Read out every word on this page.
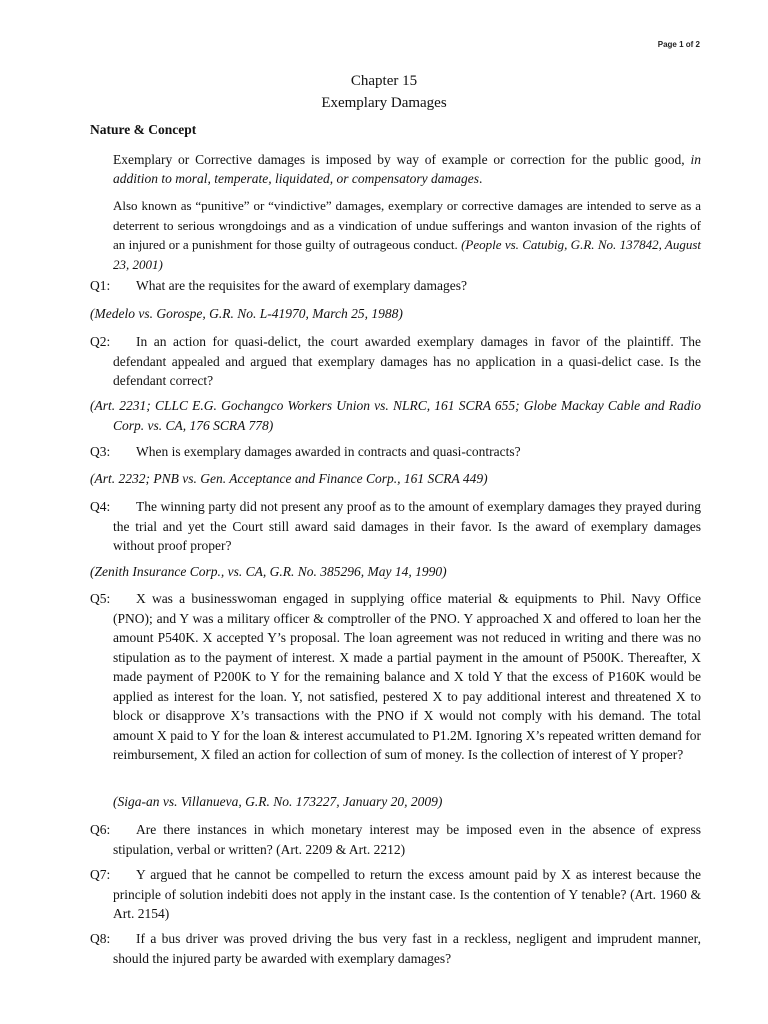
Page 1 of 2
Chapter 15
Exemplary Damages
Nature & Concept
Exemplary or Corrective damages is imposed by way of example or correction for the public good, in addition to moral, temperate, liquidated, or compensatory damages.
Also known as “punitive” or “vindictive” damages, exemplary or corrective damages are intended to serve as a deterrent to serious wrongdoings and as a vindication of undue sufferings and wanton invasion of the rights of an injured or a punishment for those guilty of outrageous conduct. (People vs. Catubig, G.R. No. 137842, August 23, 2001)
Q1:	What are the requisites for the award of exemplary damages?
(Medelo vs. Gorospe, G.R. No. L-41970, March 25, 1988)
Q2:	In an action for quasi-delict, the court awarded exemplary damages in favor of the plaintiff. The defendant appealed and argued that exemplary damages has no application in a quasi-delict case. Is the defendant correct?
(Art. 2231; CLLC E.G. Gochangco Workers Union vs. NLRC, 161 SCRA 655; Globe Mackay Cable and Radio Corp. vs. CA, 176 SCRA 778)
Q3:	When is exemplary damages awarded in contracts and quasi-contracts?
(Art. 2232; PNB vs. Gen. Acceptance and Finance Corp., 161 SCRA 449)
Q4:	The winning party did not present any proof as to the amount of exemplary damages they prayed during the trial and yet the Court still award said damages in their favor. Is the award of exemplary damages without proof proper?
(Zenith Insurance Corp., vs. CA, G.R. No. 385296, May 14, 1990)
Q5:	X was a businesswoman engaged in supplying office material & equipments to Phil. Navy Office (PNO); and Y was a military officer & comptroller of the PNO. Y approached X and offered to loan her the amount P540K. X accepted Y’s proposal. The loan agreement was not reduced in writing and there was no stipulation as to the payment of interest. X made a partial payment in the amount of P500K. Thereafter, X made payment of P200K to Y for the remaining balance and X told Y that the excess of P160K would be applied as interest for the loan. Y, not satisfied, pestered X to pay additional interest and threatened X to block or disapprove X’s transactions with the PNO if X would not comply with his demand. The total amount X paid to Y for the loan & interest accumulated to P1.2M. Ignoring X’s repeated written demand for reimbursement, X filed an action for collection of sum of money. Is the collection of interest of Y proper?
(Siga-an vs. Villanueva, G.R. No. 173227, January 20, 2009)
Q6:	Are there instances in which monetary interest may be imposed even in the absence of express stipulation, verbal or written? (Art. 2209 & Art. 2212)
Q7:	Y argued that he cannot be compelled to return the excess amount paid by X as interest because the principle of solution indebiti does not apply in the instant case. Is the contention of Y tenable? (Art. 1960 & Art. 2154)
Q8:	If a bus driver was proved driving the bus very fast in a reckless, negligent and imprudent manner, should the injured party be awarded with exemplary damages?
